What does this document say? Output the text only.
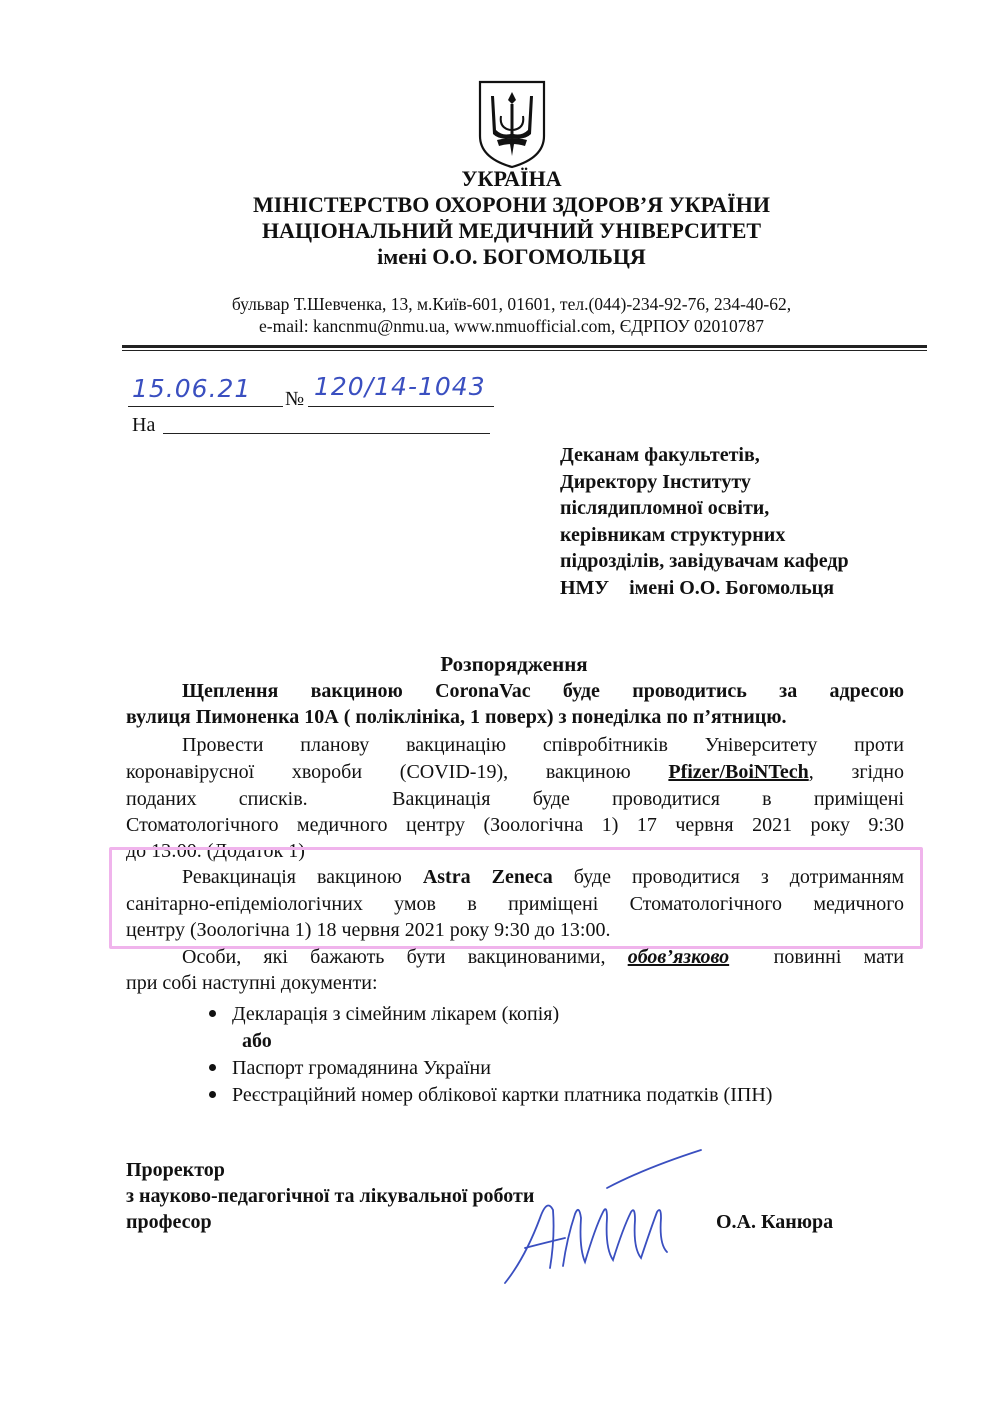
УКРАЇНА
МІНІСТЕРСТВО ОХОРОНИ ЗДОРОВ’Я УКРАЇНИ
НАЦІОНАЛЬНИЙ МЕДИЧНИЙ УНІВЕРСИТЕТ
імені О.О. БОГОМОЛЬЦЯ
бульвар Т.Шевченка, 13, м.Київ-601, 01601, тел.(044)-234-92-76, 234-40-62,
e-mail: kancnmu@nmu.ua, www.nmuofficial.com, ЄДРПОУ 02010787
15.06.21 № 120/14-1043
На
Деканам факультетів,
Директору Інституту
післядипломної освіти,
керівникам структурних
підрозділів, завідувачам кафедр
НМУ    імені О.О. Богомольця
Розпорядження
Щеплення вакциною CoronaVac буде проводитись за адресою
вулиця Пимоненка 10А ( поліклініка, 1 поверх) з понеділка по п’ятницю.
Провести планову вакцинацію співробітників Університету проти
коронавірусної хвороби (COVID-19), вакциною Pfizer/BoiNTech, згідно
поданих списків.  Вакцинація буде проводитися в приміщені
Стоматологічного медичного центру (Зоологічна 1) 17 червня 2021 року 9:30
до 13:00. (Додаток 1)
Ревакцинація вакциною Astra Zeneca буде проводитися з дотриманням
санітарно-епідеміологічних умов в приміщені Стоматологічного медичного
центру (Зоологічна 1) 18 червня 2021 року 9:30 до 13:00.
Особи, які бажають бути вакцинованими, обов’язково  повинні мати
при собі наступні документи:
Декларація з сімейним лікарем (копія)
або
Паспорт громадянина України
Реєстраційний номер облікової картки платника податків (ІПН)
Проректор
з науково-педагогічної та лікувальної роботи
професор	О.А. Канюра
